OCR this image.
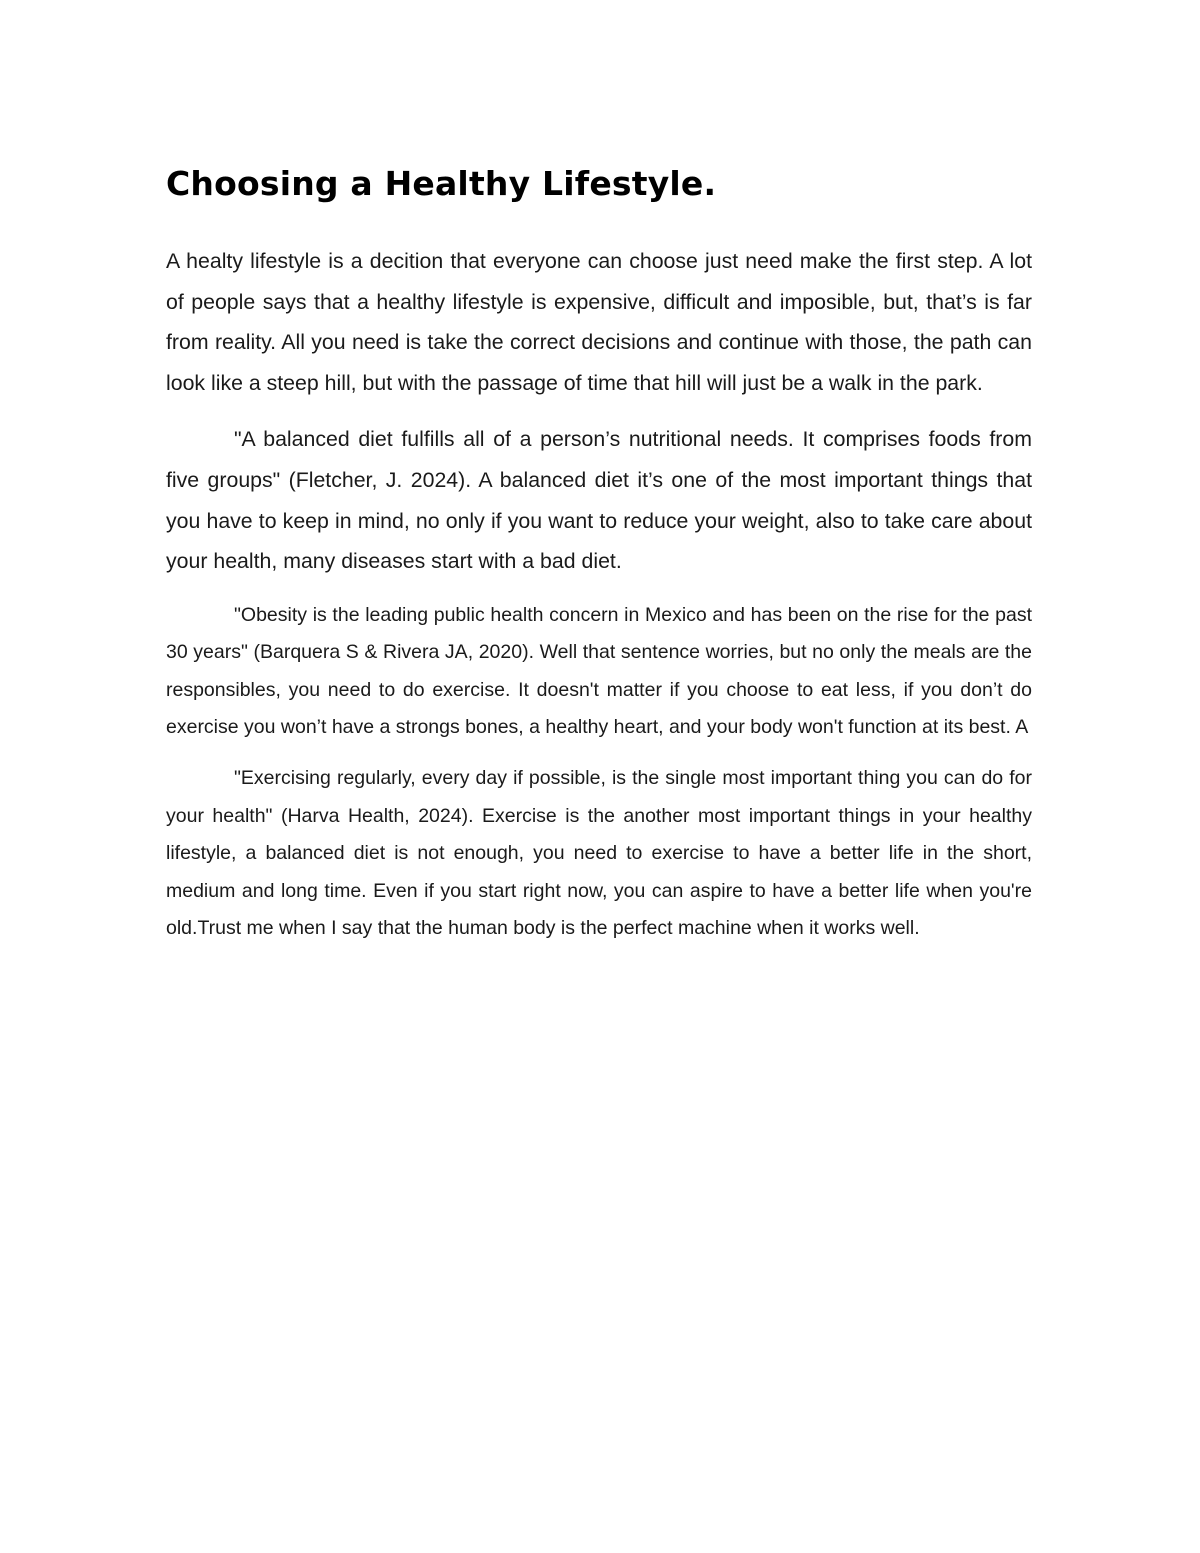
Choosing a Healthy Lifestyle.

A healty lifestyle is a decition that everyone can choose just need make the first step. A lot of people says that a healthy lifestyle is expensive, difficult and imposible, but, that’s is far from reality. All you need is take the correct decisions and continue with those, the path can look like a steep hill, but with the passage of time that hill will just be a walk in the park.

"A balanced diet fulfills all of a person’s nutritional needs. It comprises foods from five groups" (Fletcher, J. 2024). A balanced diet it’s one of the most important things that you have to keep in mind, no only if you want to reduce your weight, also to take care about your health, many diseases start with a bad diet.

"Obesity is the leading public health concern in Mexico and has been on the rise for the past 30 years" (Barquera S & Rivera JA, 2020). Well that sentence worries, but no only the meals are the responsibles, you need to do exercise. It doesn't matter if you choose to eat less, if you don’t do exercise you won’t have a strongs bones, a healthy heart, and your body won't function at its best. A

"Exercising regularly, every day if possible, is the single most important thing you can do for your health" (Harva Health, 2024). Exercise is the another most important things in your healthy lifestyle, a balanced diet is not enough, you need to exercise to have a better life in the short, medium and long time. Even if you start right now, you can aspire to have a better life when you're old.Trust me when I say that the human body is the perfect machine when it works well.
